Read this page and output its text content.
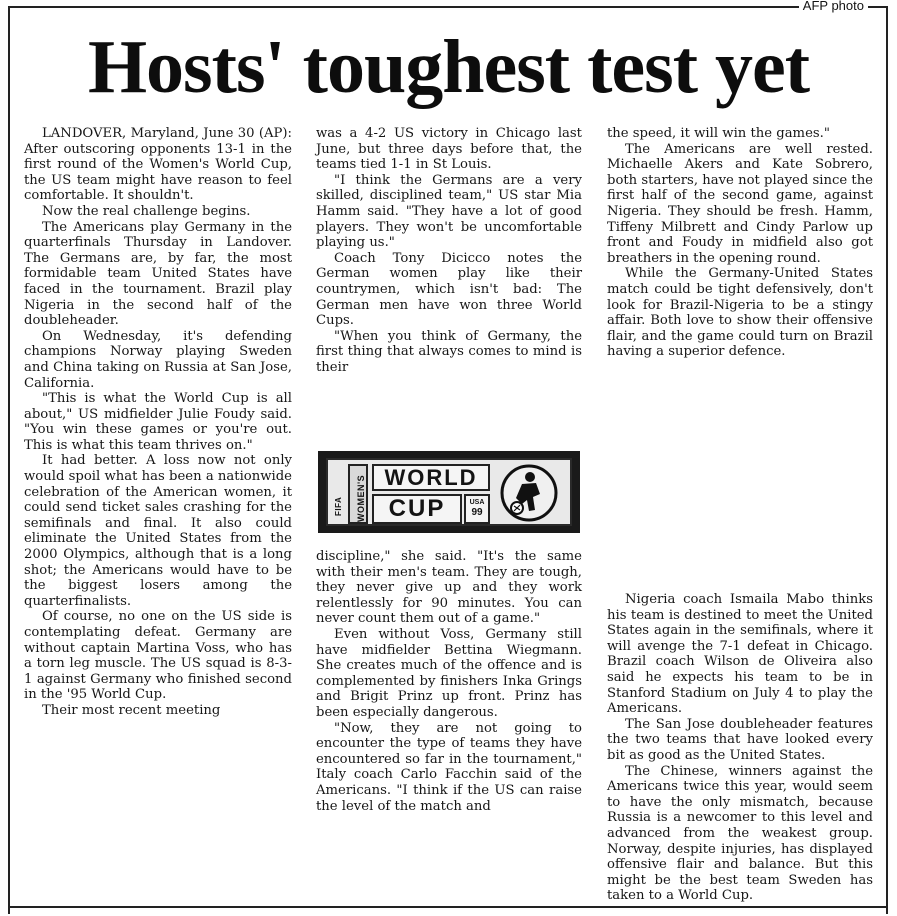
AFP photo
Hosts' toughest test yet

LANDOVER, Maryland, June 30 (AP): After outscoring opponents 13-1 in the first round of the Women's World Cup, the US team might have reason to feel comfortable. It shouldn't.

Now the real challenge begins.

The Americans play Germany in the quarterfinals Thursday in Landover. The Germans are, by far, the most formidable team United States have faced in the tournament. Brazil play Nigeria in the second half of the doubleheader.

On Wednesday, it's defending champions Norway playing Sweden and China taking on Russia at San Jose, California.

"This is what the World Cup is all about," US midfielder Julie Foudy said. "You win these games or you're out. This is what this team thrives on."

It had better. A loss now not only would spoil what has been a nationwide celebration of the American women, it could send ticket sales crashing for the semifinals and final. It also could eliminate the United States from the 2000 Olympics, although that is a long shot; the Americans would have to be the biggest losers among the quarterfinalists.

Of course, no one on the US side is contemplating defeat. Germany are without captain Martina Voss, who has a torn leg muscle. The US squad is 8-3-1 against Germany who finished second in the '95 World Cup.

Their most recent meeting

was a 4-2 US victory in Chicago last June, but three days before that, the teams tied 1-1 in St Louis.

"I think the Germans are a very skilled, disciplined team," US star Mia Hamm said. "They have a lot of good players. They won't be uncomfortable playing us."

Coach Tony Dicicco notes the German women play like their countrymen, which isn't bad: The German men have won three World Cups.

"When you think of Germany, the first thing that always comes to mind is their

discipline," she said. "It's the same with their men's team. They are tough, they never give up and they work relentlessly for 90 minutes. You can never count them out of a game."

Even without Voss, Germany still have midfielder Bettina Wiegmann. She creates much of the offence and is complemented by finishers Inka Grings and Brigit Prinz up front. Prinz has been especially dangerous.

"Now, they are not going to encounter the type of teams they have encountered so far in the tournament," Italy coach Carlo Facchin said of the Americans. "I think if the US can raise the level of the match and

WOMEN'S
FIFA
WORLD
CUP	USA
99

the speed, it will win the games."

The Americans are well rested. Michaelle Akers and Kate Sobrero, both starters, have not played since the first half of the second game, against Nigeria. They should be fresh. Hamm, Tiffeny Milbrett and Cindy Parlow up front and Foudy in midfield also got breathers in the opening round.

While the Germany-United States match could be tight defensively, don't look for Brazil-Nigeria to be a stingy affair. Both love to show their offensive flair, and the game could turn on Brazil having a superior defence.

Nigeria coach Ismaila Mabo thinks his team is destined to meet the United States again in the semifinals, where it will avenge the 7-1 defeat in Chicago. Brazil coach Wilson de Oliveira also said he expects his team to be in Stanford Stadium on July 4 to play the Americans.

The San Jose doubleheader features the two teams that have looked every bit as good as the United States.

The Chinese, winners against the Americans twice this year, would seem to have the only mismatch, because Russia is a newcomer to this level and advanced from the weakest group. Norway, despite injuries, has displayed offensive flair and balance. But this might be the best team Sweden has taken to a World Cup.
